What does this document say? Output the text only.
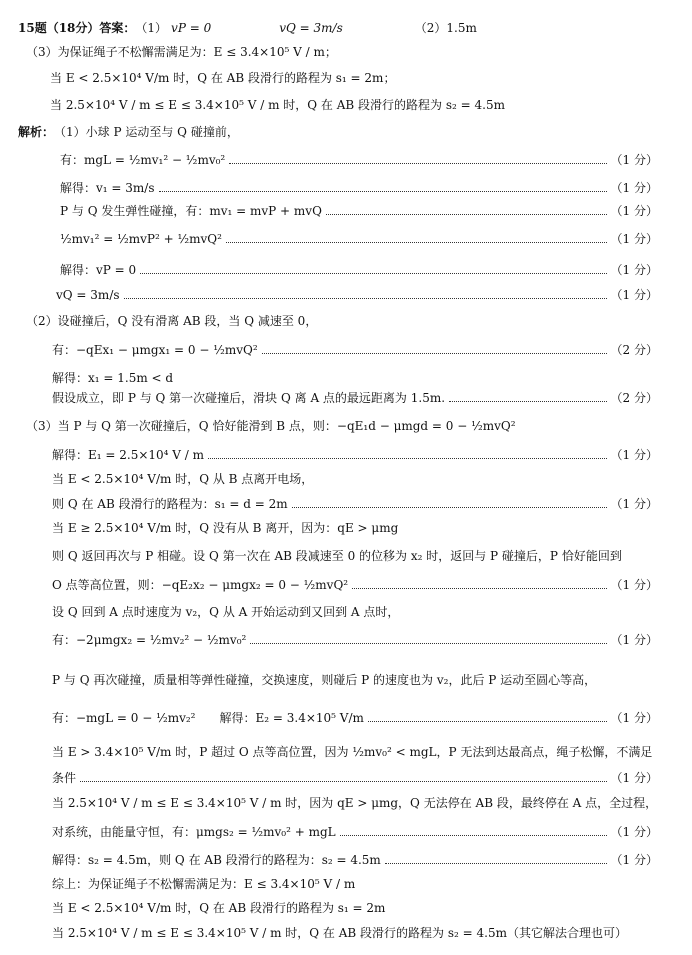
15题（18分）答案： （1） vP = 0	vQ = 3m/s	（2）1.5m
（3）为保证绳子不松懈需满足为：E ≤ 3.4×10⁵ V / m；
当 E < 2.5×10⁴ V/m 时，Q 在 AB 段滑行的路程为 s₁ = 2m；
当 2.5×10⁴ V / m ≤ E ≤ 3.4×10⁵ V / m 时，Q 在 AB 段滑行的路程为 s₂ = 4.5m
解析： （1）小球 P 运动至与 Q 碰撞前，
有：mgL = ½mv₁² − ½mv₀²	（1 分）
解得：v₁ = 3m/s	（1 分）
P 与 Q 发生弹性碰撞，有：mv₁ = mvP + mvQ	（1 分）
½mv₁² = ½mvP² + ½mvQ²	（1 分）
解得：vP = 0	（1 分）
vQ = 3m/s	（1 分）
（2）设碰撞后，Q 没有滑离 AB 段，当 Q 减速至 0，
有：−qEx₁ − μmgx₁ = 0 − ½mvQ²	（2 分）
解得：x₁ = 1.5m < d
假设成立，即 P 与 Q 第一次碰撞后，滑块 Q 离 A 点的最远距离为 1.5m.	（2 分）
（3）当 P 与 Q 第一次碰撞后，Q 恰好能滑到 B 点，则：−qE₁d − μmgd = 0 − ½mvQ²
解得：E₁ = 2.5×10⁴ V / m	（1 分）
当 E < 2.5×10⁴ V/m 时，Q 从 B 点离开电场，
则 Q 在 AB 段滑行的路程为：s₁ = d = 2m	（1 分）
当 E ≥ 2.5×10⁴ V/m 时，Q 没有从 B 离开，因为：qE > μmg
则 Q 返回再次与 P 相碰。设 Q 第一次在 AB 段减速至 0 的位移为 x₂ 时，返回与 P 碰撞后，P 恰好能回到
O 点等高位置，则：−qE₂x₂ − μmgx₂ = 0 − ½mvQ²	（1 分）
设 Q 回到 A 点时速度为 v₂，Q 从 A 开始运动到又回到 A 点时，
有：−2μmgx₂ = ½mv₂² − ½mv₀²	（1 分）
P 与 Q 再次碰撞，质量相等弹性碰撞，交换速度，则碰后 P 的速度也为 v₂，此后 P 运动至圆心等高，
有：−mgL = 0 − ½mv₂²　　解得：E₂ = 3.4×10⁵ V/m	（1 分）
当 E > 3.4×10⁵ V/m 时，P 超过 O 点等高位置，因为 ½mv₀² < mgL，P 无法到达最高点，绳子松懈，不满足
条件	（1 分）
当 2.5×10⁴ V / m ≤ E ≤ 3.4×10⁵ V / m 时，因为 qE > μmg，Q 无法停在 AB 段，最终停在 A 点，全过程，
对系统，由能量守恒，有：μmgs₂ = ½mv₀² + mgL	（1 分）
解得：s₂ = 4.5m，则 Q 在 AB 段滑行的路程为：s₂ = 4.5m	（1 分）
综上：为保证绳子不松懈需满足为：E ≤ 3.4×10⁵ V / m
当 E < 2.5×10⁴ V/m 时，Q 在 AB 段滑行的路程为 s₁ = 2m
当 2.5×10⁴ V / m ≤ E ≤ 3.4×10⁵ V / m 时，Q 在 AB 段滑行的路程为 s₂ = 4.5m（其它解法合理也可）
